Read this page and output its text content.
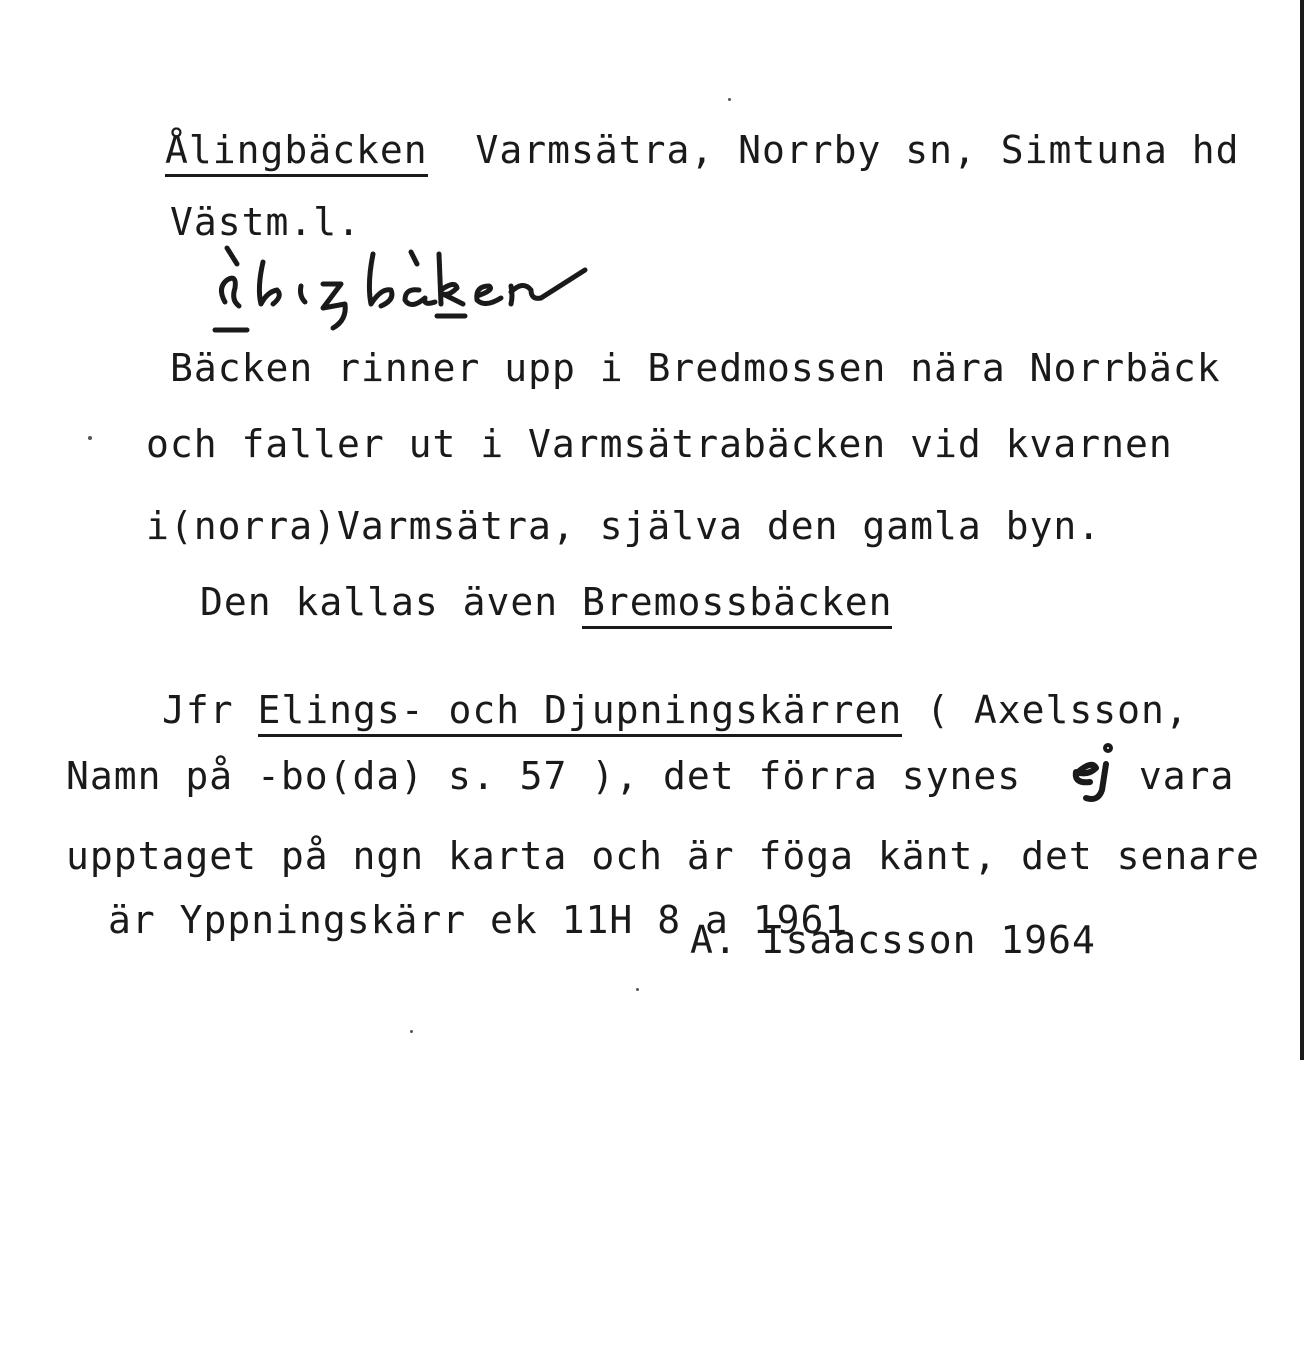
Ålingbäcken Varmsätra, Norrby sn, Simtuna hd
Västm.l.
Bäcken rinner upp i Bredmossen nära Norrbäck
och faller ut i Varmsätrabäcken vid kvarnen
i(norra)Varmsätra, själva den gamla byn.
Den kallas även Bremossbäcken
Jfr Elings- och Djupningskärren ( Axelsson,
Namn på -bo(da) s. 57 ), det förra synes  vara
upptaget på ngn karta och är föga känt, det senare
är Yppningskärr ek 11H 8 a 1961
A. Isaacsson 1964
